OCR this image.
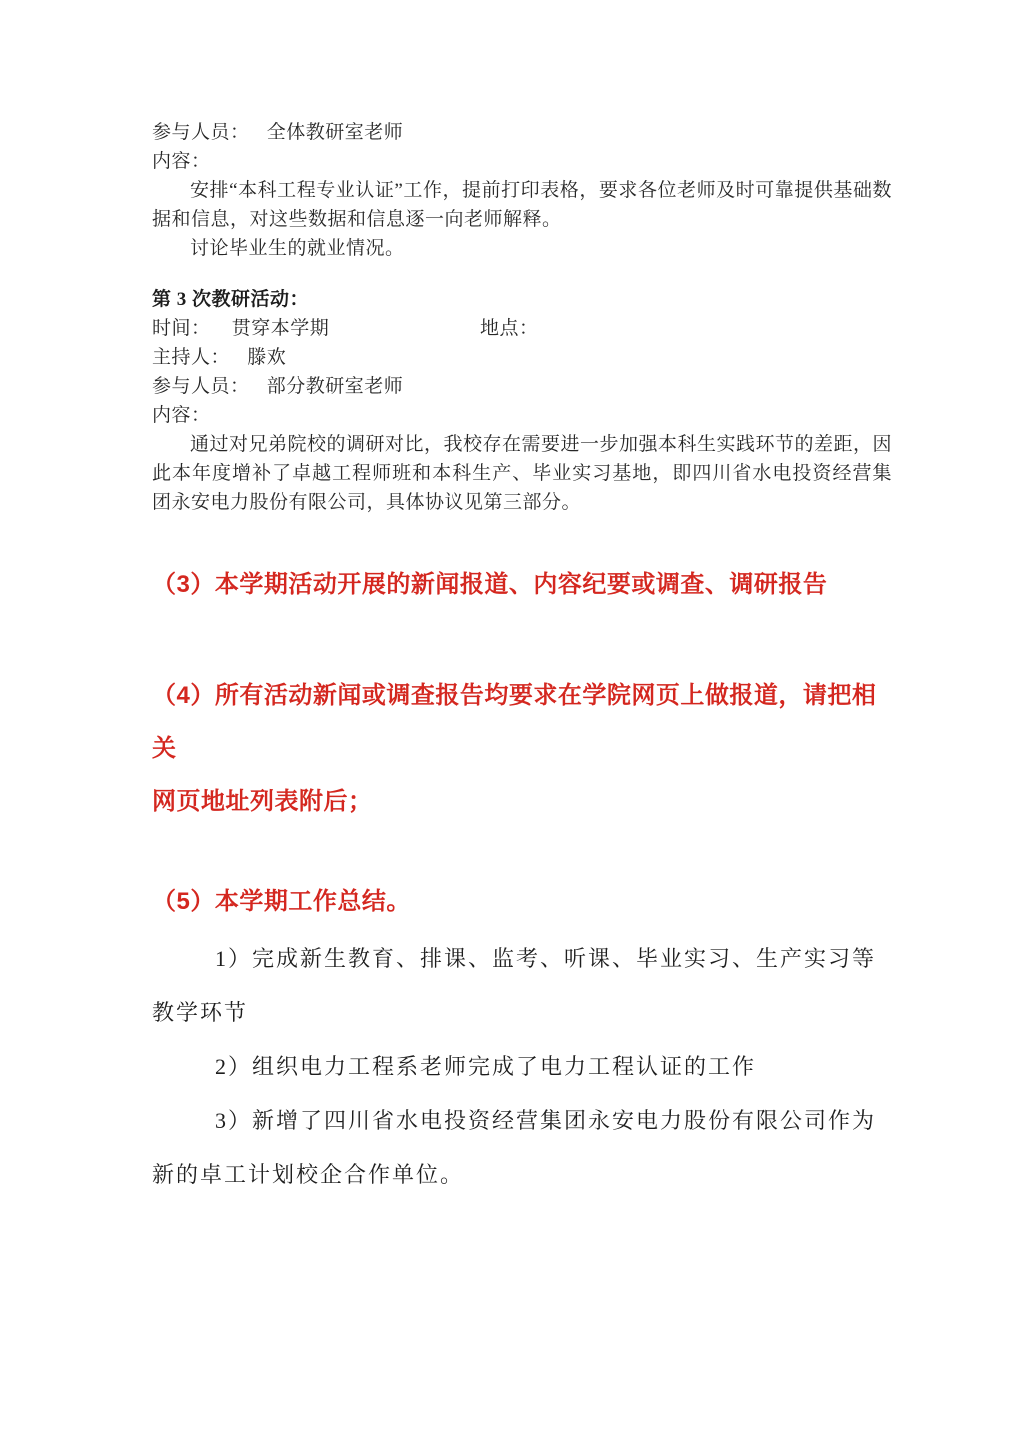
参与人员： 全体教研室老师
内容：
安排“本科工程专业认证”工作，提前打印表格，要求各位老师及时可靠提供基础数据和信息，对这些数据和信息逐一向老师解释。
讨论毕业生的就业情况。
第 3 次教研活动：
时间： 贯穿本学期	地点：
主持人： 滕欢
参与人员： 部分教研室老师
内容：
通过对兄弟院校的调研对比，我校存在需要进一步加强本科生实践环节的差距，因此本年度增补了卓越工程师班和本科生产、毕业实习基地，即四川省水电投资经营集团永安电力股份有限公司，具体协议见第三部分。
（3）本学期活动开展的新闻报道、内容纪要或调查、调研报告
（4）所有活动新闻或调查报告均要求在学院网页上做报道，请把相关
网页地址列表附后；
（5）本学期工作总结。
1）完成新生教育、排课、监考、听课、毕业实习、生产实习等
教学环节
2）组织电力工程系老师完成了电力工程认证的工作
3）新增了四川省水电投资经营集团永安电力股份有限公司作为
新的卓工计划校企合作单位。
